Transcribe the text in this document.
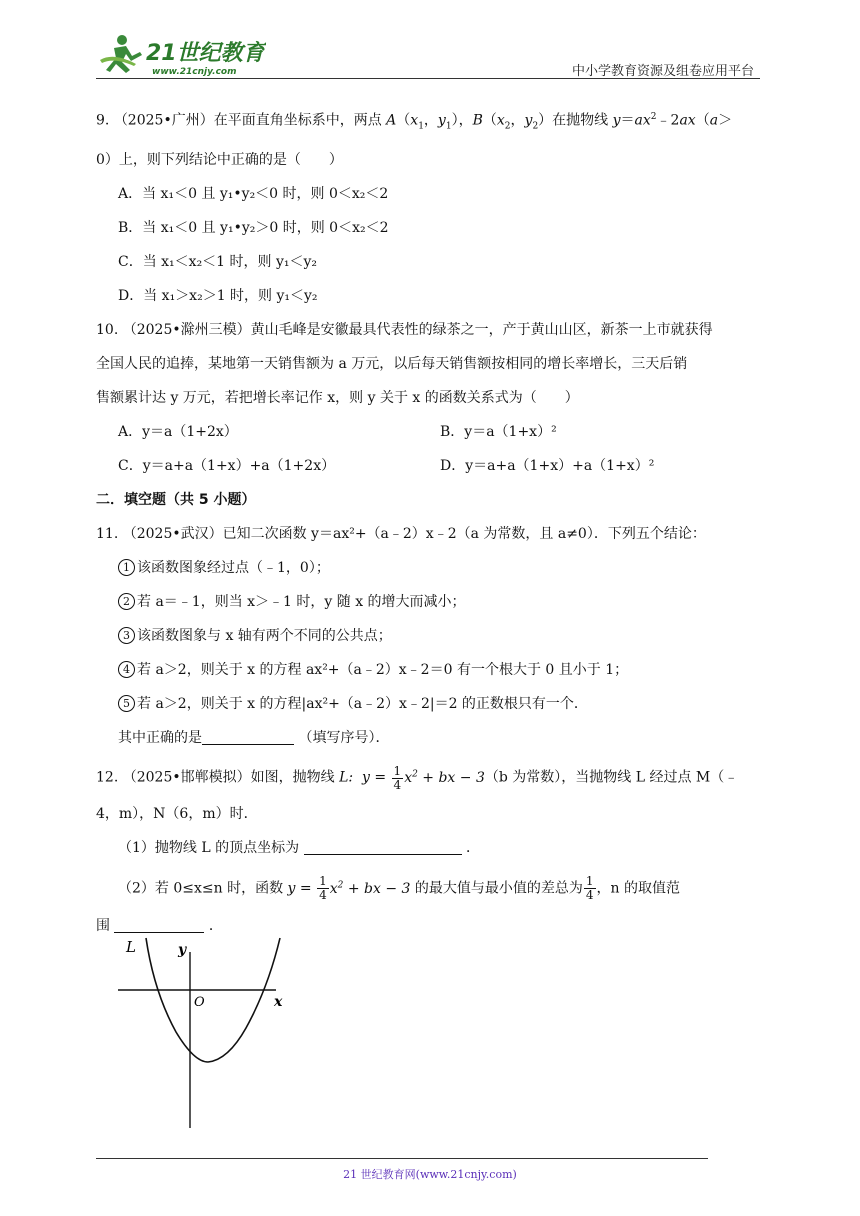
21世纪教育
www.21cnjy.com	中小学教育资源及组卷应用平台
9. （2025•广州）在平面直角坐标系中，两点 $A(x_1$，$y_1$），$B(x_2$，$y_2$）在抛物线 $y=ax^2﹣2ax(a>$
0）上，则下列结论中正确的是（　　）
A．当 x₁＜0 且 y₁•y₂＜0 时，则 0＜x₂＜2
B．当 x₁＜0 且 y₁•y₂＞0 时，则 0＜x₂＜2
C．当 x₁＜x₂＜1 时，则 y₁＜y₂
D．当 x₁＞x₂＞1 时，则 y₁＜y₂
10. （2025•滁州三模）黄山毛峰是安徽最具代表性的绿茶之一，产于黄山山区，新茶一上市就获得
全国人民的追捧，某地第一天销售额为 a 万元，以后每天销售额按相同的增长率增长，三天后销
售额累计达 y 万元，若把增长率记作 x，则 y 关于 x 的函数关系式为（　　）
A．y＝a（1+2x）	B．y＝a（1+x）²
C．y＝a+a（1+x）+a（1+2x）	D．y＝a+a（1+x）+a（1+x）²
二．填空题（共 5 小题）
11. （2025•武汉）已知二次函数 y＝ax²+（a﹣2）x﹣2（a 为常数，且 a≠0）．下列五个结论：
1 该函数图象经过点（﹣1，0）；
2 若 a＝﹣1，则当 x＞﹣1 时，y 随 x 的增大而减小；
3 该函数图象与 x 轴有两个不同的公共点；
4 若 a＞2，则关于 x 的方程 ax²+（a﹣2）x﹣2＝0 有一个根大于 0 且小于 1；
5 若 a＞2，则关于 x 的方程|ax²+（a﹣2）x﹣2|＝2 的正数根只有一个．
其中正确的是	（填写序号）．
12. （2025•邯郸模拟）如图，抛物线 L:  $y = \frac{1}{4} x^2$ + bx − 3（b 为常数），当抛物线 L 经过点 M（﹣
4，m），N（6，m）时．
（1）抛物线 L 的顶点坐标为	．
（2）若 0≤x≤n 时，函数 $y = \frac{1}{4} x^2$ + bx − 3 的最大值与最小值的差总为 $\frac{1}{4}$ ，n 的取值范
围	．
L	y
x
O
21 世纪教育网(www.21cnjy.com)
